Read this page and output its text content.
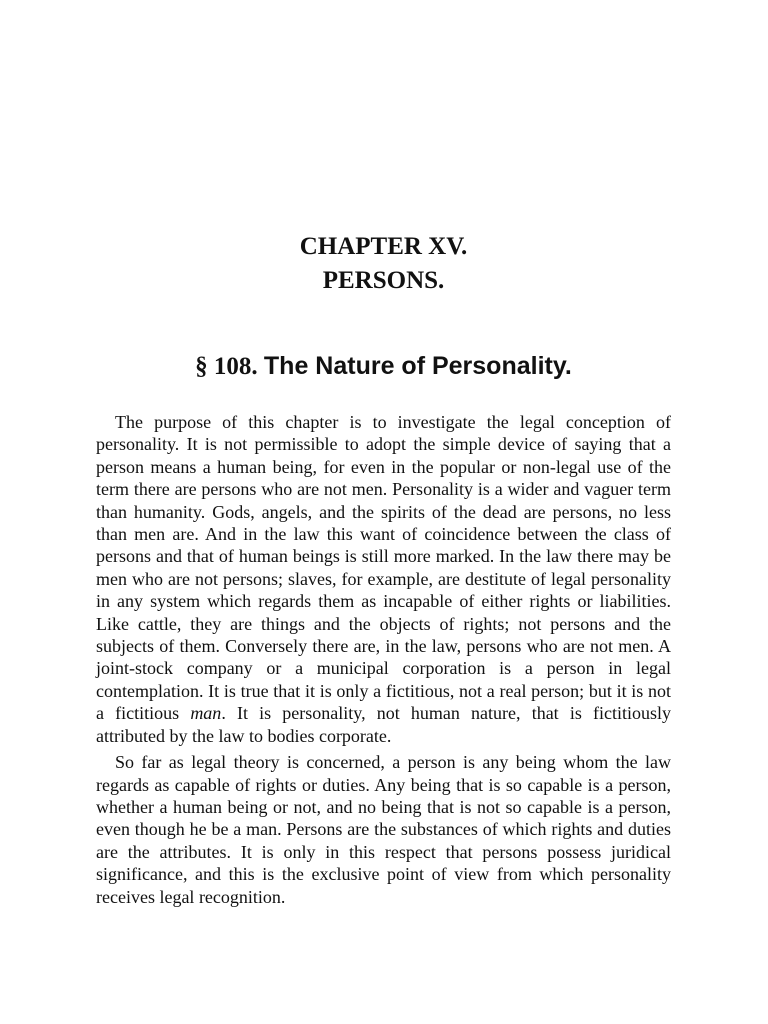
CHAPTER XV.
PERSONS.
§ 108. The Nature of Personality.

The purpose of this chapter is to investigate the legal conception of personality. It is not permissible to adopt the simple device of saying that a person means a human being, for even in the popular or non-legal use of the term there are persons who are not men. Personality is a wider and vaguer term than humanity. Gods, angels, and the spirits of the dead are persons, no less than men are. And in the law this want of coincidence between the class of persons and that of human beings is still more marked. In the law there may be men who are not persons; slaves, for example, are destitute of legal personality in any system which regards them as incapable of either rights or liabilities. Like cattle, they are things and the objects of rights; not persons and the subjects of them. Conversely there are, in the law, persons who are not men. A joint-stock company or a municipal corporation is a person in legal contemplation. It is true that it is only a fictitious, not a real person; but it is not a fictitious man. It is personality, not human nature, that is fictitiously attributed by the law to bodies corporate.

So far as legal theory is concerned, a person is any being whom the law regards as capable of rights or duties. Any being that is so capable is a person, whether a human being or not, and no being that is not so capable is a person, even though he be a man. Persons are the substances of which rights and duties are the attributes. It is only in this respect that persons possess juridical significance, and this is the exclusive point of view from which personality receives legal recognition.
